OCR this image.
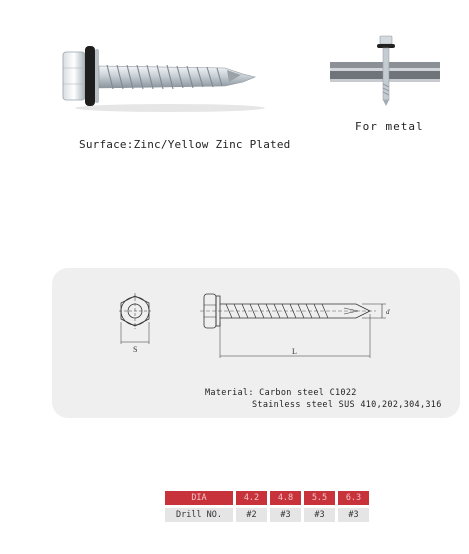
Surface:Zinc/Yellow Zinc Plated
For metal
S	L
d
Material: Carbon steel C1022
Stainless steel SUS 410,202,304,316
DIA	4.2	4.8	5.5	6.3
Drill NO.	#2	#3	#3	#3
